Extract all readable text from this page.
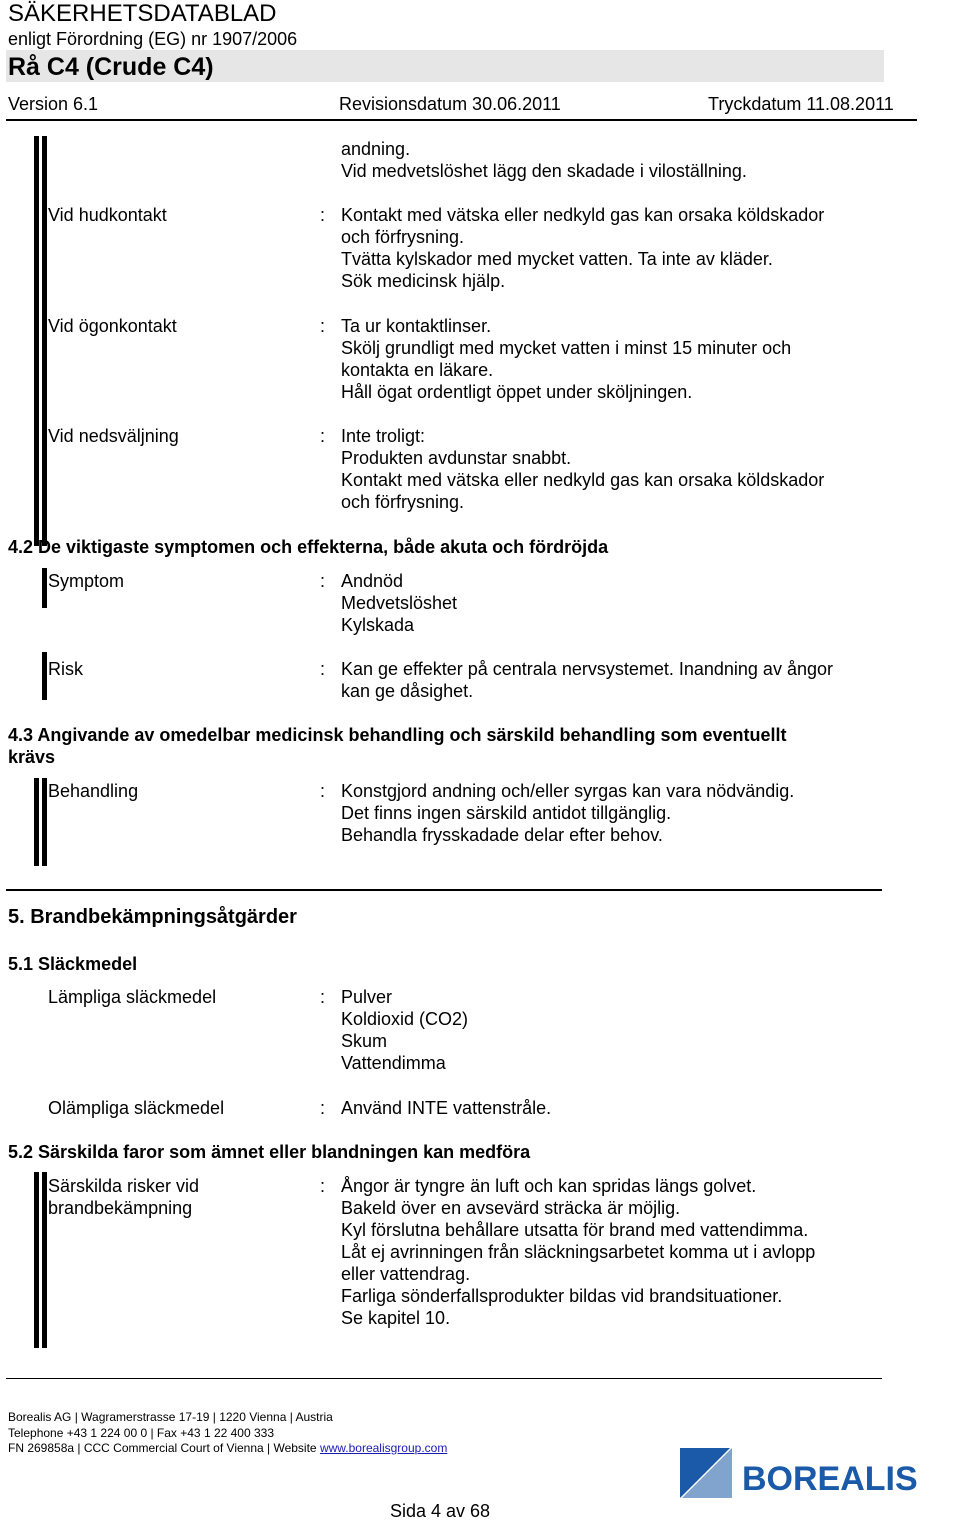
SÄKERHETSDATABLAD
enligt Förordning (EG) nr 1907/2006
Rå C4 (Crude C4)
Version 6.1	Revisionsdatum 30.06.2011	Tryckdatum 11.08.2011
andning.
Vid medvetslöshet lägg den skadade i viloställning.
Vid hudkontakt	: Kontakt med vätska eller nedkyld gas kan orsaka köldskador
och förfrysning.
Tvätta kylskador med mycket vatten. Ta inte av kläder.
Sök medicinsk hjälp.
Vid ögonkontakt	: Ta ur kontaktlinser.
Skölj grundligt med mycket vatten i minst 15 minuter och
kontakta en läkare.
Håll ögat ordentligt öppet under sköljningen.
Vid nedsväljning	: Inte troligt:
Produkten avdunstar snabbt.
Kontakt med vätska eller nedkyld gas kan orsaka köldskador
och förfrysning.
4.2 De viktigaste symptomen och effekterna, både akuta och fördröjda
Symptom	: Andnöd
Medvetslöshet
Kylskada
Risk	: Kan ge effekter på centrala nervsystemet. Inandning av ångor
kan ge dåsighet.
4.3 Angivande av omedelbar medicinsk behandling och särskild behandling som eventuellt
krävs
Behandling	: Konstgjord andning och/eller syrgas kan vara nödvändig.
Det finns ingen särskild antidot tillgänglig.
Behandla frysskadade delar efter behov.
5. Brandbekämpningsåtgärder
5.1 Släckmedel
Lämpliga släckmedel	: Pulver
Koldioxid (CO2)
Skum
Vattendimma
Olämpliga släckmedel	: Använd INTE vattenstråle.
5.2 Särskilda faror som ämnet eller blandningen kan medföra
Särskilda risker vid
brandbekämpning
: Ångor är tyngre än luft och kan spridas längs golvet.
Bakeld över en avsevärd sträcka är möjlig.
Kyl förslutna behållare utsatta för brand med vattendimma.
Låt ej avrinningen från släckningsarbetet komma ut i avlopp
eller vattendrag.
Farliga sönderfallsprodukter bildas vid brandsituationer.
Se kapitel 10.
Borealis AG | Wagramerstrasse 17-19 | 1220 Vienna | Austria
Telephone +43 1 224 00 0 | Fax +43 1 22 400 333
FN 269858a | CCC Commercial Court of Vienna | Website www.borealisgroup.com
BOREALIS
Sida 4 av 68
